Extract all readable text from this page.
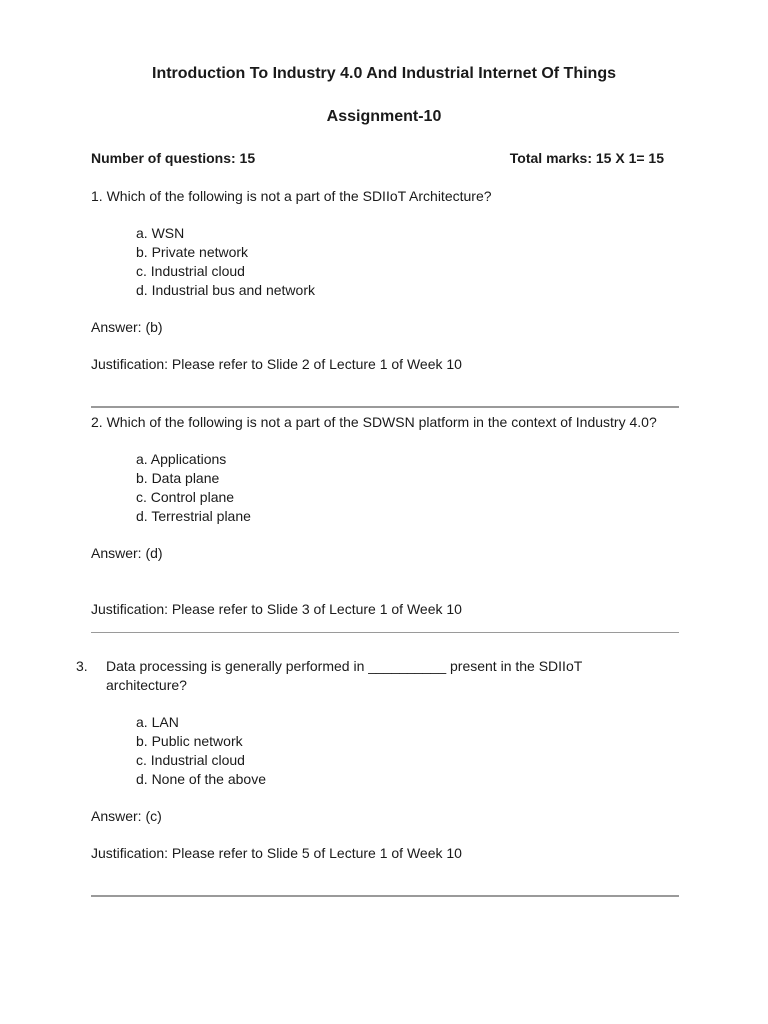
Introduction To Industry 4.0 And Industrial Internet Of Things
Assignment-10
Number of questions: 15	Total marks: 15 X 1= 15

1. Which of the following is not a part of the SDIIoT Architecture?

a. WSN
b. Private network
c. Industrial cloud
d. Industrial bus and network

Answer: (b)

Justification: Please refer to Slide 2 of Lecture 1 of Week 10

2. Which of the following is not a part of the SDWSN platform in the context of Industry 4.0?

a. Applications
b. Data plane
c. Control plane
d. Terrestrial plane

Answer: (d)

Justification: Please refer to Slide 3 of Lecture 1 of Week 10

3. Data processing is generally performed in __________ present in the SDIIoT architecture?

a. LAN
b. Public network
c. Industrial cloud
d. None of the above

Answer: (c)

Justification: Please refer to Slide 5 of Lecture 1 of Week 10
